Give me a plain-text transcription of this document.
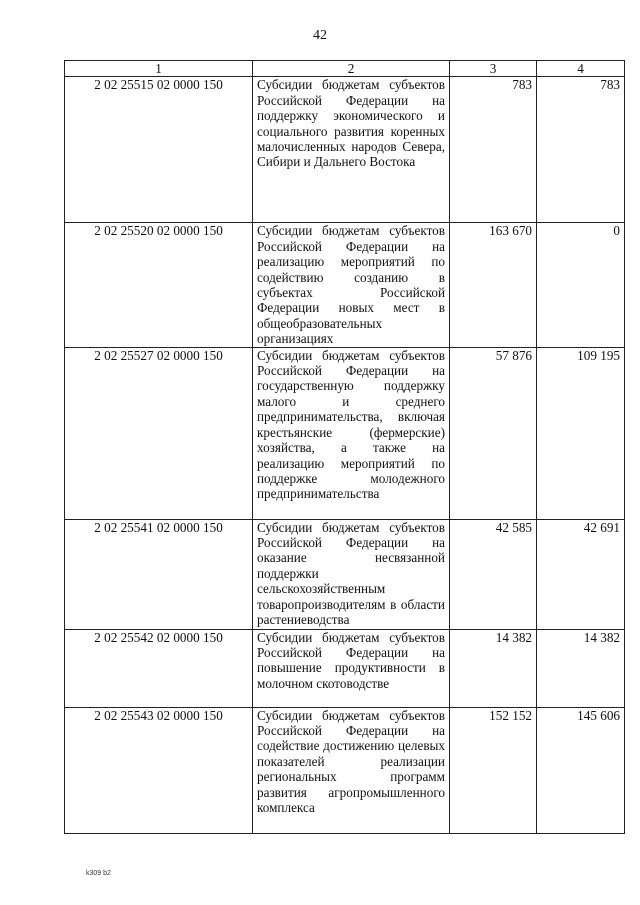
42
1	2	3	4
2 02 25515 02 0000 150	Субсидии бюджетам субъектов Российской Федерации на поддержку экономического и социального развития коренных малочисленных народов Севера, Сибири и Дальнего Востока	783	783
2 02 25520 02 0000 150	Субсидии бюджетам субъектов Российской Федерации на реализацию мероприятий по содействию созданию в субъектах Российской Федерации новых мест в общеобразовательных организациях	163 670	0
2 02 25527 02 0000 150	Субсидии бюджетам субъектов Российской Федерации на государственную поддержку малого и среднего предпринимательства, включая крестьянские (фермерские) хозяйства, а также на реализацию мероприятий по поддержке молодежного предпринимательства	57 876	109 195
2 02 25541 02 0000 150	Субсидии бюджетам субъектов Российской Федерации на оказание несвязанной поддержки сельскохозяйственным товаропроизводителям в области растениеводства	42 585	42 691
2 02 25542 02 0000 150	Субсидии бюджетам субъектов Российской Федерации на повышение продуктивности в молочном скотоводстве	14 382	14 382
2 02 25543 02 0000 150	Субсидии бюджетам субъектов Российской Федерации на содействие достижению целевых показателей реализации региональных программ развития агропромышленного комплекса	152 152	145 606
k309 b2
